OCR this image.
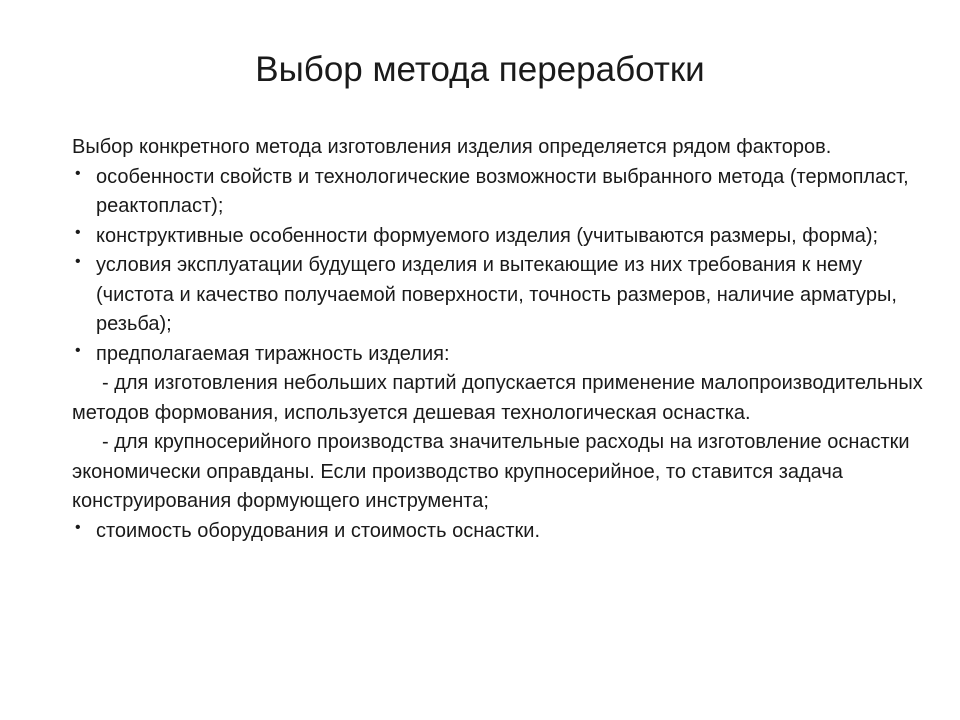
Выбор метода переработки

Выбор конкретного метода изготовления изделия определяется рядом факторов.

• особенности свойств и технологические возможности выбранного метода (термопласт, реактопласт);
• конструктивные особенности формуемого изделия (учитываются размеры, форма);
• условия эксплуатации будущего изделия и вытекающие из них требования к нему (чистота и качество получаемой поверхности, точность размеров, наличие арматуры, резьба);
• предполагаемая тиражность изделия:

- для изготовления небольших партий допускается применение малопроизводительных методов формования, используется дешевая технологическая оснастка.

- для крупносерийного производства значительные расходы на изготовление оснастки экономически оправданы. Если производство крупносерийное, то ставится задача конструирования формующего инструмента;

• стоимость оборудования и стоимость оснастки.
